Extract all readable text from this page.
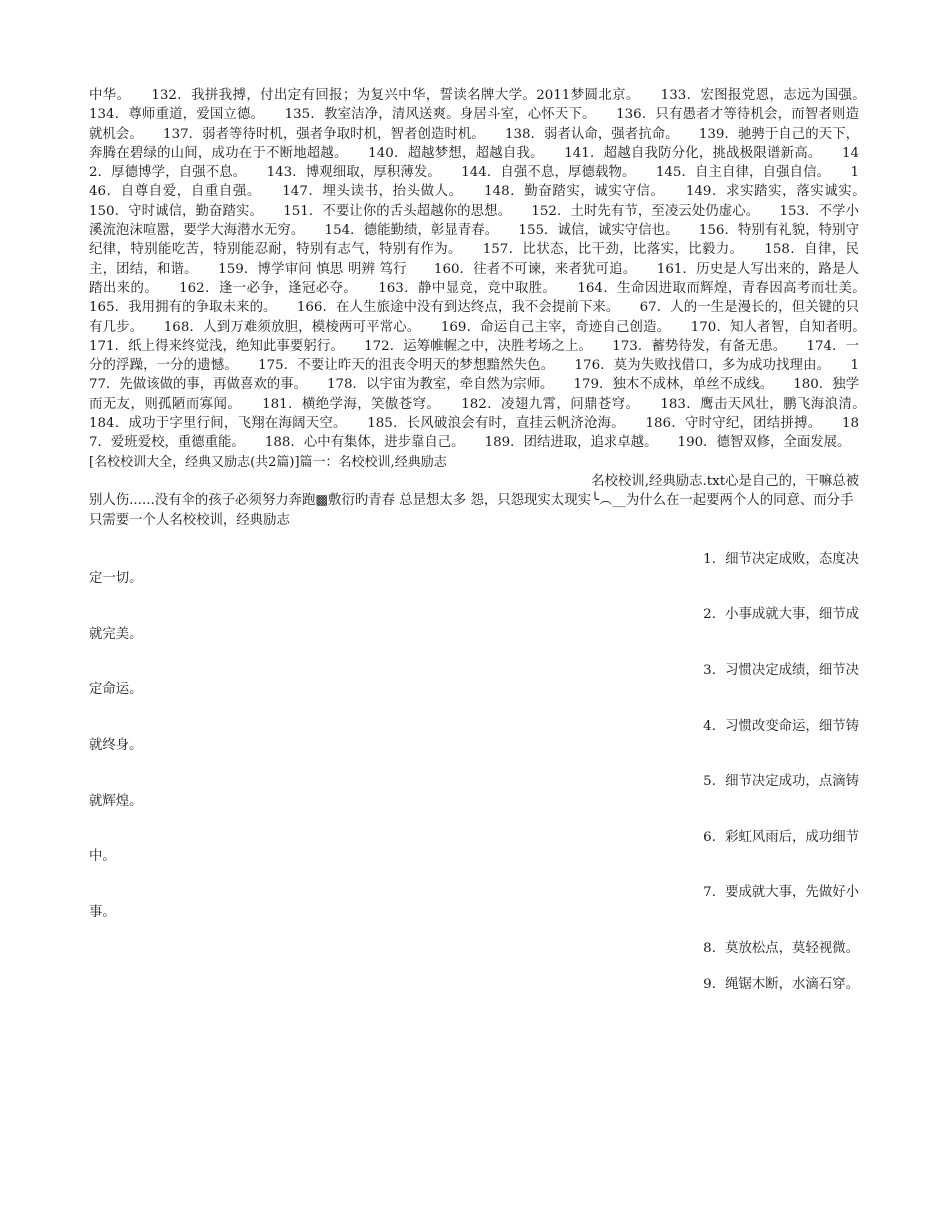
中华。　　132．我拼我搏，付出定有回报；为复兴中华，誓读名牌大学。2011梦圆北京。　　133．宏图报党恩，志远为国强。　　134．尊师重道，爱国立德。　　135．教室洁净，清风送爽。身居斗室，心怀天下。　　136．只有愚者才等待机会，而智者则造就机会。　　137．弱者等待时机，强者争取时机，智者创造时机。　　138．弱者认命，强者抗命。　　139．驰骋于自己的天下，奔腾在碧绿的山间，成功在于不断地超越。　　140．超越梦想，超越自我。　　141．超越自我防分化，挑战极限谱新高。　　142．厚德博学，自强不息。　　143．博观细取，厚积薄发。　　144．自强不息，厚德载物。　　145．自主自律，自强自信。　　146．自尊自爱，自重自强。　　147．埋头读书，抬头做人。　　148．勤奋踏实，诚实守信。　　149．求实踏实，落实诚实。　　150．守时诚信，勤奋踏实。　　151．不要让你的舌头超越你的思想。　　152．土时先有节，至凌云处仍虚心。　　153．不学小溪流泡沫喧嚣，要学大海潜水无穷。　　154．德能勤绩，彰显青春。　　155．诚信，诚实守信也。　　156．特别有礼貌，特别守纪律，特别能吃苦，特别能忍耐，特别有志气，特别有作为。　　157．比状态，比干劲，比落实，比毅力。　　158．自律，民主，团结，和谐。　　159．博学审问 慎思 明辨 笃行　　160．往者不可谏，来者犹可追。　　161．历史是人写出来的，路是人踏出来的。　　162．逢一必争，逢冠必夺。　　163．静中显竞，竞中取胜。　　164．生命因进取而辉煌，青春因高考而壮美。　　165．我用拥有的争取未来的。　　166．在人生旅途中没有到达终点，我不会提前下来。　　67．人的一生是漫长的，但关键的只有几步。　　168．人到万难须放胆，模棱两可平常心。　　169．命运自己主宰，奇迹自己创造。　　170．知人者智，自知者明。　　171．纸上得来终觉浅，绝知此事要躬行。　　172．运筹帷幄之中，决胜考场之上。　　173．蓄势待发，有备无患。　　174．一分的浮躁，一分的遗憾。　　175．不要让昨天的沮丧令明天的梦想黯然失色。　　176．莫为失败找借口，多为成功找理由。　　177．先做该做的事，再做喜欢的事。　　178．以宇宙为教室，牵自然为宗师。　　179．独木不成林，单丝不成线。　　180．独学而无友，则孤陋而寡闻。　　181．横绝学海，笑傲苍穹。　　182．凌翅九霄，问鼎苍穹。　　183．鹰击天风壮，鹏飞海浪清。　　184．成功于字里行间，飞翔在海阔天空。　　185．长风破浪会有时，直挂云帆济沧海。　　186．守时守纪，团结拼搏。　　187．爱班爱校，重德重能。　　188．心中有集体，进步靠自己。　　189．团结进取，追求卓越。　　190．德智双修，全面发展。

[名校校训大全，经典又励志(共2篇)]篇一：名校校训,经典励志

名校校训,经典励志.txt心是自己的，干嘛总被

别人伤......没有伞的孩子必须努力奔跑▩敷衍旳青春 总昰想太多 怨，只怨现实太现实╰︵__为什么在一起要两个人的同意、而分手只需要一个人名校校训，经典励志

1．细节决定成败，态度决
定一切。
2．小事成就大事，细节成
就完美。
3．习惯决定成绩，细节决
定命运。
4．习惯改变命运，细节铸
就终身。
5．细节决定成功，点滴铸
就辉煌。
6．彩虹风雨后，成功细节
中。
7．要成就大事，先做好小
事。
8．莫放松点，莫轻视微。
9．绳锯木断，水滴石穿。
